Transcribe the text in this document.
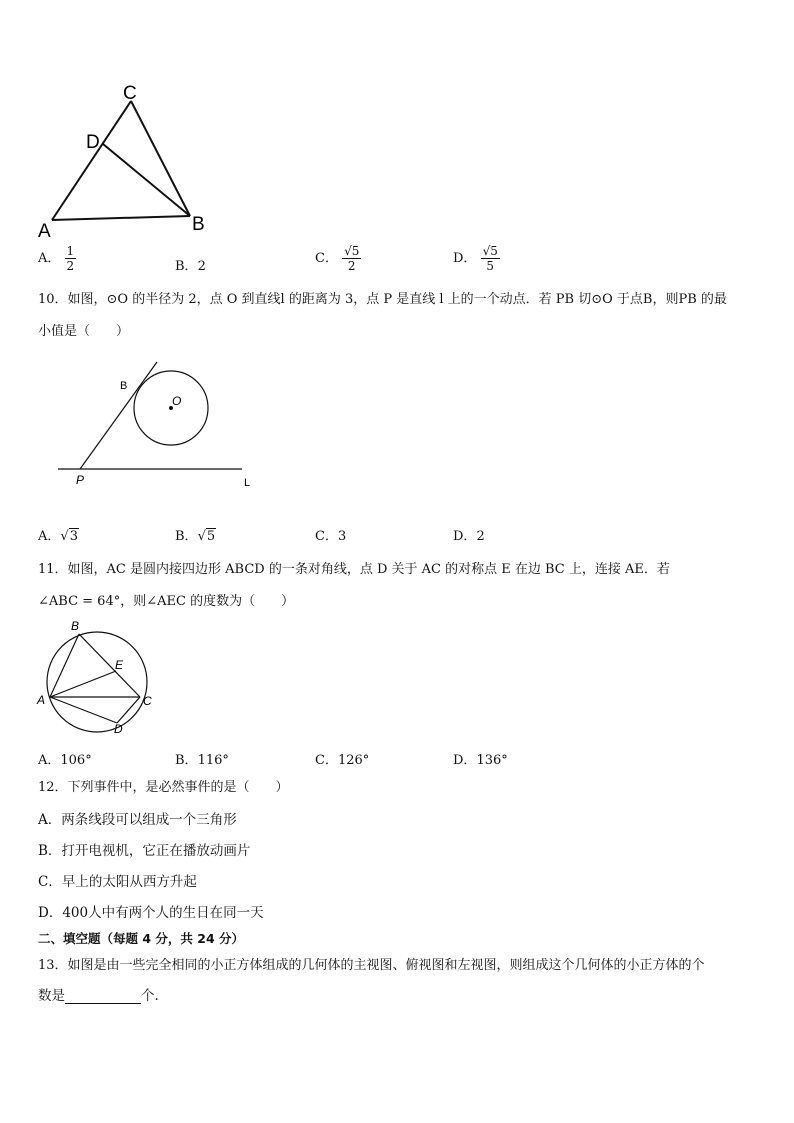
C
D
A	B
A． $\frac{1}{2}$	B．2
C． $\frac{√5}{2}$	D． $\frac{√5}{5}$
10．如图，⊙O 的半径为 2，点 O 到直线l 的距离为 3，点 P 是直线 l 上的一个动点．若 PB 切⊙O 于点B，则PB 的最
小值是（　　）
B
O
P	L
A．√3	B．√5	C．3	D．2
11．如图，AC 是圆内接四边形 ABCD 的一条对角线，点 D 关于 AC 的对称点 E 在边 BC 上，连接 AE．若
∠ABC = 64°，则∠AEC 的度数为（　　）
B
E
A	C
D
A．106°	B．116°	C．126°	D．136°
12．下列事件中，是必然事件的是（　　）
A．两条线段可以组成一个三角形
B．打开电视机，它正在播放动画片
C．早上的太阳从西方升起
D．400人中有两个人的生日在同一天
二、填空题（每题 4 分，共 24 分）
13．如图是由一些完全相同的小正方体组成的几何体的主视图、俯视图和左视图，则组成这个几何体的小正方体的个
数是	个.
